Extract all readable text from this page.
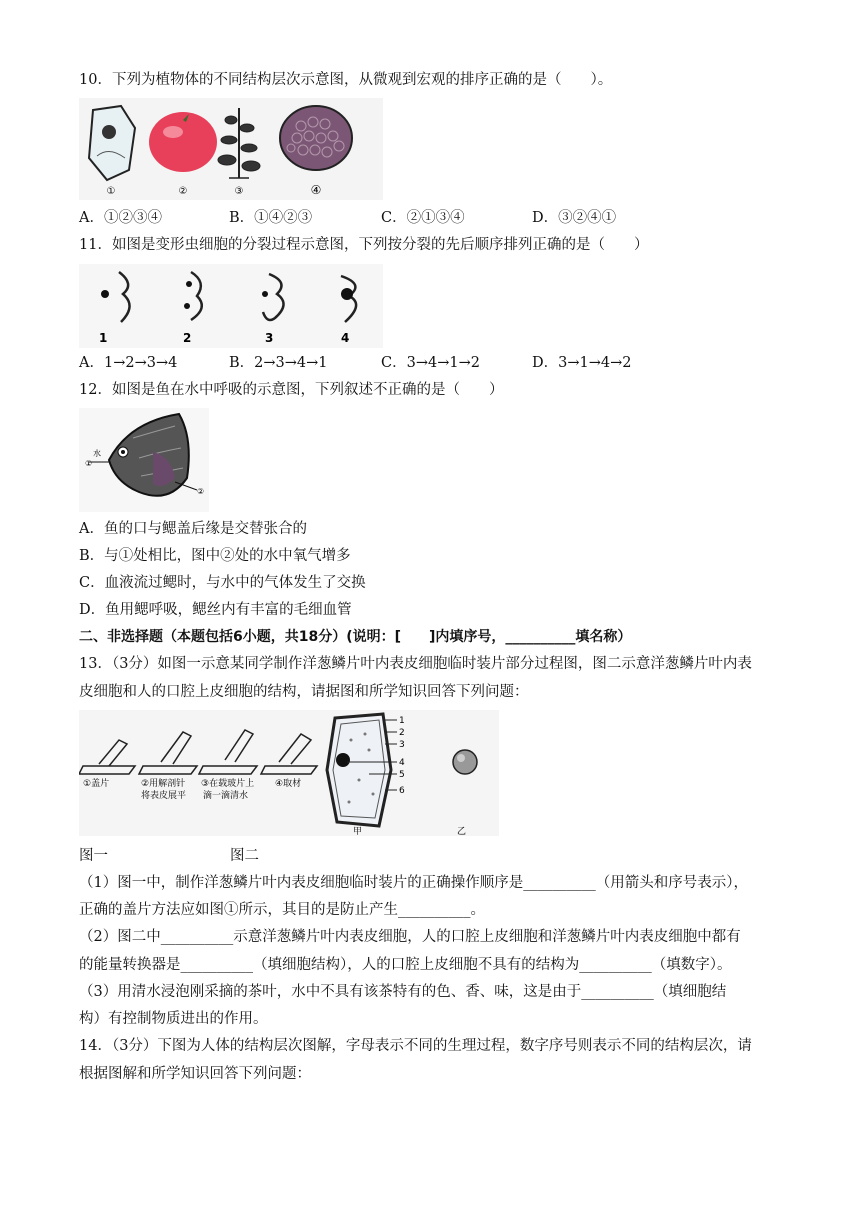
10．下列为植物体的不同结构层次示意图，从微观到宏观的排序正确的是（　　）。
①	②	③	④
A．①②③④	B．①④②③	C．②①③④	D．③②④①
11．如图是变形虫细胞的分裂过程示意图，下列按分裂的先后顺序排列正确的是（　　）
1	2	3	4
A．1→2→3→4	B．2→3→4→1	C．3→4→1→2	D．3→1→4→2
12．如图是鱼在水中呼吸的示意图，下列叙述不正确的是（　　）
水
①
②
A．鱼的口与鳃盖后缘是交替张合的
B．与①处相比，图中②处的水中氧气增多
C．血液流过鳃时，与水中的气体发生了交换
D．鱼用鳃呼吸，鳃丝内有丰富的毛细血管
二、非选择题（本题包括6小题，共18分）(说明：[　　]内填序号，__________填名称）
13．（3分）如图一示意某同学制作洋葱鳞片叶内表皮细胞临时装片部分过程图，图二示意洋葱鳞片叶内表
皮细胞和人的口腔上皮细胞的结构，请据图和所学知识回答下列问题：
①盖片	②用解剖针 将表皮展平
③在载玻片上 滴一滴清水
④取材
1
2
3
4
5
6
甲	乙
图一	图二
（1）图一中，制作洋葱鳞片叶内表皮细胞临时装片的正确操作顺序是__________（用箭头和序号表示），
正确的盖片方法应如图①所示，其目的是防止产生__________。
（2）图二中__________示意洋葱鳞片叶内表皮细胞，人的口腔上皮细胞和洋葱鳞片叶内表皮细胞中都有
的能量转换器是__________（填细胞结构），人的口腔上皮细胞不具有的结构为__________（填数字）。
（3）用清水浸泡刚采摘的茶叶，水中不具有该茶特有的色、香、味，这是由于__________（填细胞结
构）有控制物质进出的作用。
14．（3分）下图为人体的结构层次图解，字母表示不同的生理过程，数字序号则表示不同的结构层次，请
根据图解和所学知识回答下列问题：
